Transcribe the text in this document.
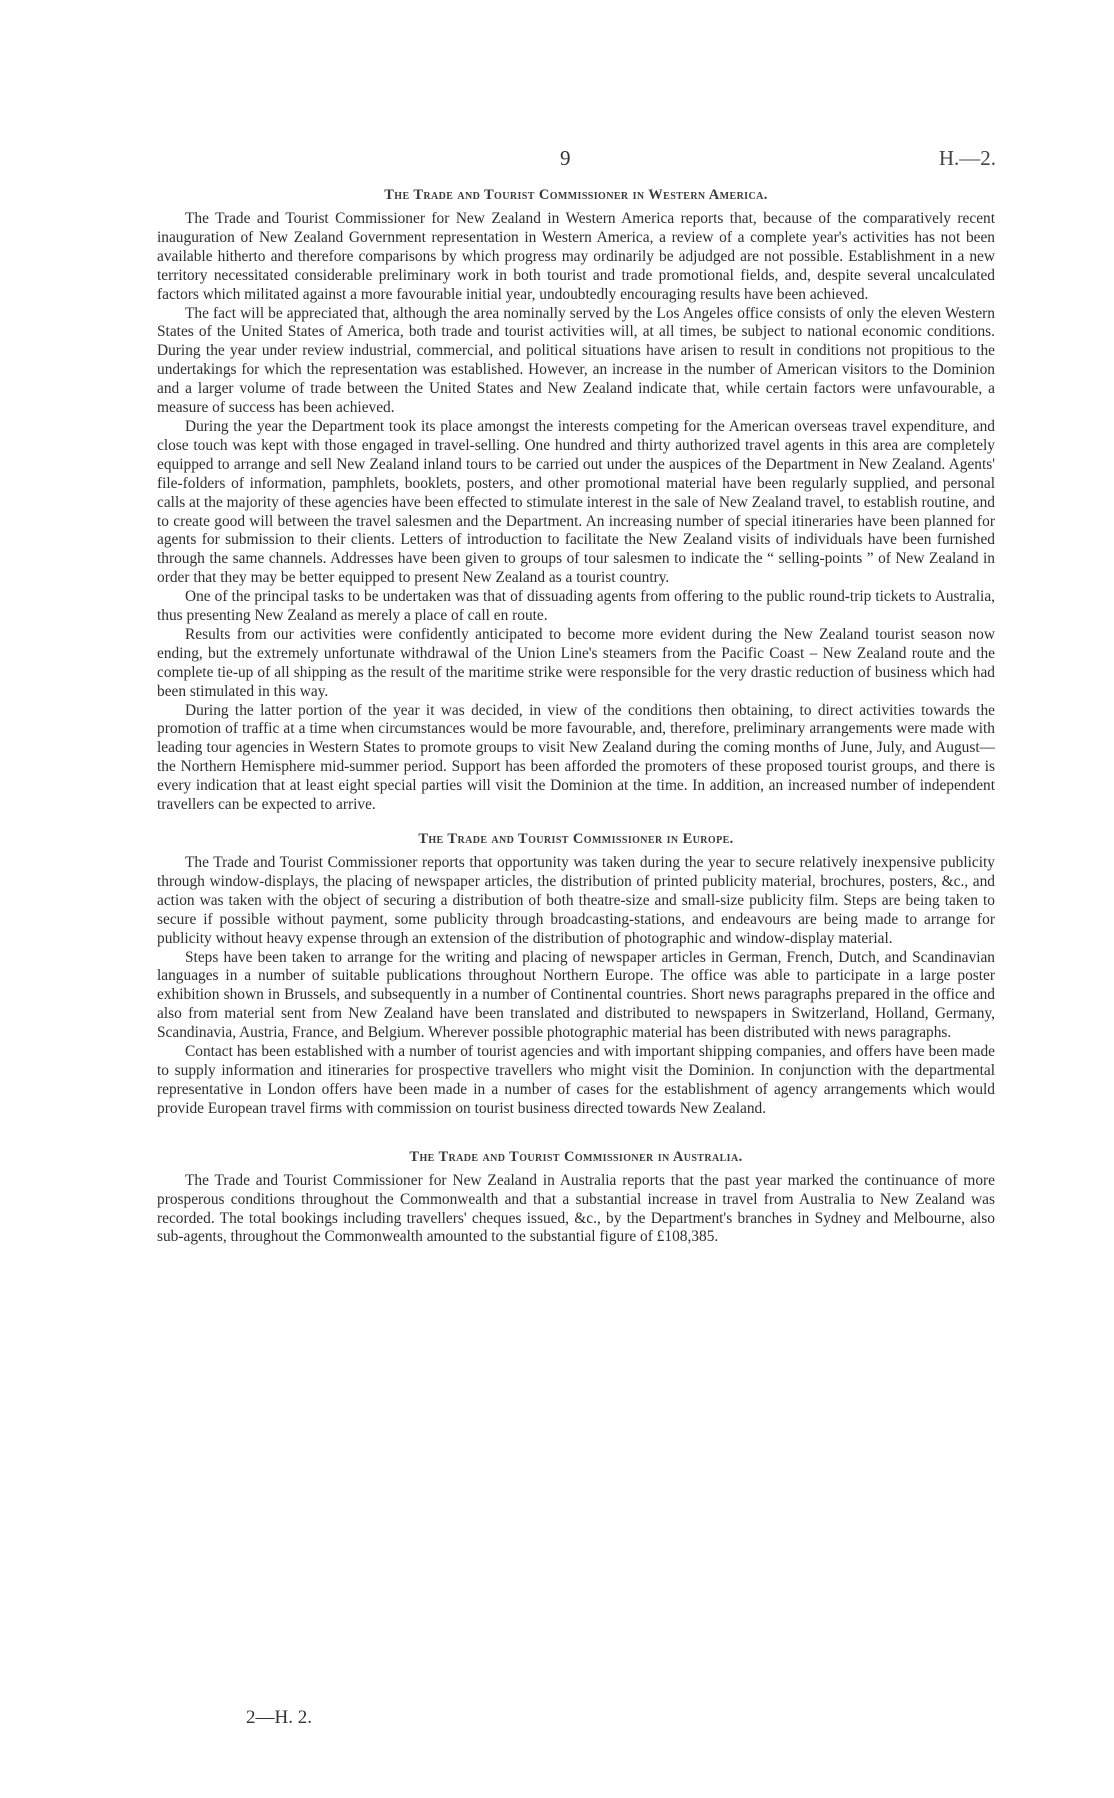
9	H.—2.
The Trade and Tourist Commissioner in Western America.

The Trade and Tourist Commissioner for New Zealand in Western America reports that, because of the comparatively recent inauguration of New Zealand Government representation in Western America, a review of a complete year's activities has not been available hitherto and therefore comparisons by which progress may ordinarily be adjudged are not possible. Establishment in a new territory necessitated considerable preliminary work in both tourist and trade promotional fields, and, despite several uncalculated factors which militated against a more favourable initial year, undoubtedly encouraging results have been achieved.

The fact will be appreciated that, although the area nominally served by the Los Angeles office consists of only the eleven Western States of the United States of America, both trade and tourist activities will, at all times, be subject to national economic conditions. During the year under review industrial, commercial, and political situations have arisen to result in conditions not propitious to the undertakings for which the representation was established. However, an increase in the number of American visitors to the Dominion and a larger volume of trade between the United States and New Zealand indicate that, while certain factors were unfavourable, a measure of success has been achieved.

During the year the Department took its place amongst the interests competing for the American overseas travel expenditure, and close touch was kept with those engaged in travel-selling. One hundred and thirty authorized travel agents in this area are completely equipped to arrange and sell New Zealand inland tours to be carried out under the auspices of the Department in New Zealand. Agents' file-folders of information, pamphlets, booklets, posters, and other promotional material have been regularly supplied, and personal calls at the majority of these agencies have been effected to stimulate interest in the sale of New Zealand travel, to establish routine, and to create good will between the travel salesmen and the Department. An increasing number of special itineraries have been planned for agents for submission to their clients. Letters of introduction to facilitate the New Zealand visits of individuals have been furnished through the same channels. Addresses have been given to groups of tour salesmen to indicate the “ selling-points ” of New Zealand in order that they may be better equipped to present New Zealand as a tourist country.

One of the principal tasks to be undertaken was that of dissuading agents from offering to the public round-trip tickets to Australia, thus presenting New Zealand as merely a place of call en route.

Results from our activities were confidently anticipated to become more evident during the New Zealand tourist season now ending, but the extremely unfortunate withdrawal of the Union Line's steamers from the Pacific Coast – New Zealand route and the complete tie-up of all shipping as the result of the maritime strike were responsible for the very drastic reduction of business which had been stimulated in this way.

During the latter portion of the year it was decided, in view of the conditions then obtaining, to direct activities towards the promotion of traffic at a time when circumstances would be more favourable, and, therefore, preliminary arrangements were made with leading tour agencies in Western States to promote groups to visit New Zealand during the coming months of June, July, and August— the Northern Hemisphere mid-summer period. Support has been afforded the promoters of these proposed tourist groups, and there is every indication that at least eight special parties will visit the Dominion at the time. In addition, an increased number of independent travellers can be expected to arrive.

The Trade and Tourist Commissioner in Europe.

The Trade and Tourist Commissioner reports that opportunity was taken during the year to secure relatively inexpensive publicity through window-displays, the placing of newspaper articles, the distribution of printed publicity material, brochures, posters, &c., and action was taken with the object of securing a distribution of both theatre-size and small-size publicity film. Steps are being taken to secure if possible without payment, some publicity through broadcasting-stations, and endeavours are being made to arrange for publicity without heavy expense through an extension of the distribution of photographic and window-display material.

Steps have been taken to arrange for the writing and placing of newspaper articles in German, French, Dutch, and Scandinavian languages in a number of suitable publications throughout Northern Europe. The office was able to participate in a large poster exhibition shown in Brussels, and subsequently in a number of Continental countries. Short news paragraphs prepared in the office and also from material sent from New Zealand have been translated and distributed to newspapers in Switzerland, Holland, Germany, Scandinavia, Austria, France, and Belgium. Wherever possible photographic material has been distributed with news paragraphs.

Contact has been established with a number of tourist agencies and with important shipping companies, and offers have been made to supply information and itineraries for prospective travellers who might visit the Dominion. In conjunction with the departmental representative in London offers have been made in a number of cases for the establishment of agency arrangements which would provide European travel firms with commission on tourist business directed towards New Zealand.

The Trade and Tourist Commissioner in Australia.

The Trade and Tourist Commissioner for New Zealand in Australia reports that the past year marked the continuance of more prosperous conditions throughout the Commonwealth and that a substantial increase in travel from Australia to New Zealand was recorded. The total bookings including travellers' cheques issued, &c., by the Department's branches in Sydney and Melbourne, also sub-agents, throughout the Commonwealth amounted to the substantial figure of £108,385.

2—H. 2.
